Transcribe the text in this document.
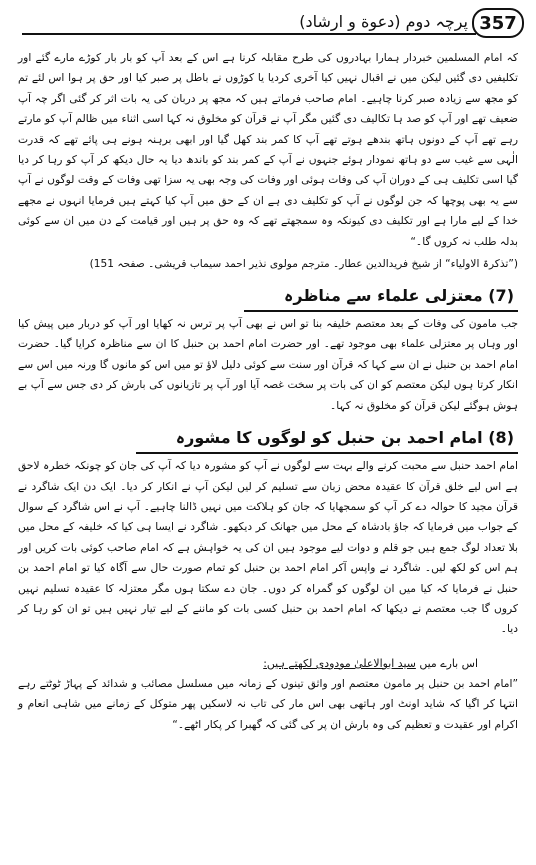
357
پرچہ دوم (دعوة و ارشاد)

کہ امام المسلمین خبردار ہمارا بہادروں کی طرح مقابلہ کرنا ہے اس کے بعد آپ کو بار بار کوڑے مارے گئے اور تکلیفیں دی گئیں لیکن میں نے اقبال نہیں کیا آخری کردیا یا کوڑوں نے باطل پر صبر کیا اور حق پر ہوا اس لئے تم کو مجھ سے زیادہ صبر کرنا چاہیے۔ امام صاحب فرماتے ہیں کہ مجھ پر دربان کی یہ بات اثر کر گئی اگر چہ آپ ضعیف تھے اور آپ کو صد ہا تکالیف دی گئیں مگر آپ نے قرآن کو مخلوق نہ کہا اسی اثناء میں ظالم آپ کو مارتے رہے تھے آپ کے دونوں ہاتھ بندھے ہوتے تھے آپ کا کمر بند کھل گیا اور ابھی برہنہ ہونے ہی پائے تھے کہ قدرت الٰہی سے غیب سے دو ہاتھ نمودار ہوئے جنہوں نے آپ کے کمر بند کو باندھ دیا یہ حال دیکھ کر آپ کو رہا کر دیا گیا اسی تکلیف ہی کے دوران آپ کی وفات ہوئی اور وفات کی وجہ بھی یہ سزا تھی وفات کے وقت لوگوں نے آپ سے یہ بھی پوچھا کہ جن لوگوں نے آپ کو تکلیف دی ہے ان کے حق میں آپ کیا کہتے ہیں فرمایا انہوں نے مجھے خدا کے لیے مارا ہے اور تکلیف دی کیونکہ وہ سمجھتے تھے کہ وہ حق پر ہیں اور قیامت کے دن میں ان سے کوئی بدلہ طلب نہ کروں گا۔“

(”تذکرۃ الاولیاء“ از شیخ فریدالدین عطار۔ مترجم مولوی نذیر احمد سیماب قریشی۔ صفحہ 151)

(7) معتزلی علماء سے مناظرہ

جب مامون کی وفات کے بعد معتصم خلیفہ بنا تو اس نے بھی آپ پر ترس نہ کھایا اور آپ کو دربار میں پیش کیا اور وہاں پر معتزلی علماء بھی موجود تھے۔ اور حضرت امام احمد بن حنبل کا ان سے مناظرہ کرایا گیا۔ حضرت امام احمد بن حنبل نے ان سے کہا کہ قرآن اور سنت سے کوئی دلیل لاؤ تو میں اس کو مانوں گا ورنہ میں اس سے انکار کرتا ہوں لیکن معتصم کو ان کی بات پر سخت غصہ آیا اور آپ پر تازیانوں کی بارش کر دی جس سے آپ بے ہوش ہوگئے لیکن قرآن کو مخلوق نہ کہا۔

(8) امام احمد بن حنبل کو لوگوں کا مشورہ

امام احمد حنبل سے محبت کرنے والے بہت سے لوگوں نے آپ کو مشورہ دیا کہ آپ کی جان کو چونکہ خطرہ لاحق ہے اس لیے خلق قرآن کا عقیدہ محض زبان سے تسلیم کر لیں لیکن آپ نے انکار کر دیا۔ ایک دن ایک شاگرد نے قرآن مجید کا حوالہ دے کر آپ کو سمجھایا کہ جان کو ہلاکت میں نہیں ڈالنا چاہیے۔ آپ نے اس شاگرد کے سوال کے جواب میں فرمایا کہ جاؤ بادشاہ کے محل میں جھانک کر دیکھو۔ شاگرد نے ایسا ہی کیا کہ خلیفہ کے محل میں بلا تعداد لوگ جمع ہیں جو قلم و دوات لیے موجود ہیں ان کی یہ خواہش ہے کہ امام صاحب کوئی بات کریں اور ہم اس کو لکھ لیں۔ شاگرد نے واپس آکر امام احمد بن حنبل کو تمام صورت حال سے آگاہ کیا تو امام احمد بن حنبل نے فرمایا کہ کیا میں ان لوگوں کو گمراہ کر دوں۔ جان دے سکتا ہوں مگر معتزلہ کا عقیدہ تسلیم نہیں کروں گا جب معتصم نے دیکھا کہ امام احمد بن حنبل کسی بات کو ماننے کے لیے تیار نہیں ہیں تو ان کو رہا کر دیا۔

اس بارے میں سید ابوالاعلیٰ مودودی لکھتے ہیں:

”امام احمد بن حنبل پر مامون معتصم اور واثق تینوں کے زمانہ میں مسلسل مصائب و شدائد کے پہاڑ ٹوٹتے رہے انتہا کر اگیا کہ شاید اونٹ اور ہاتھی بھی اس مار کی تاب نہ لاسکیں پھر متوکل کے زمانے میں شاہی انعام و اکرام اور عقیدت و تعظیم کی وہ بارش ان پر کی گئی کہ گھبرا کر پکار اٹھے۔“
